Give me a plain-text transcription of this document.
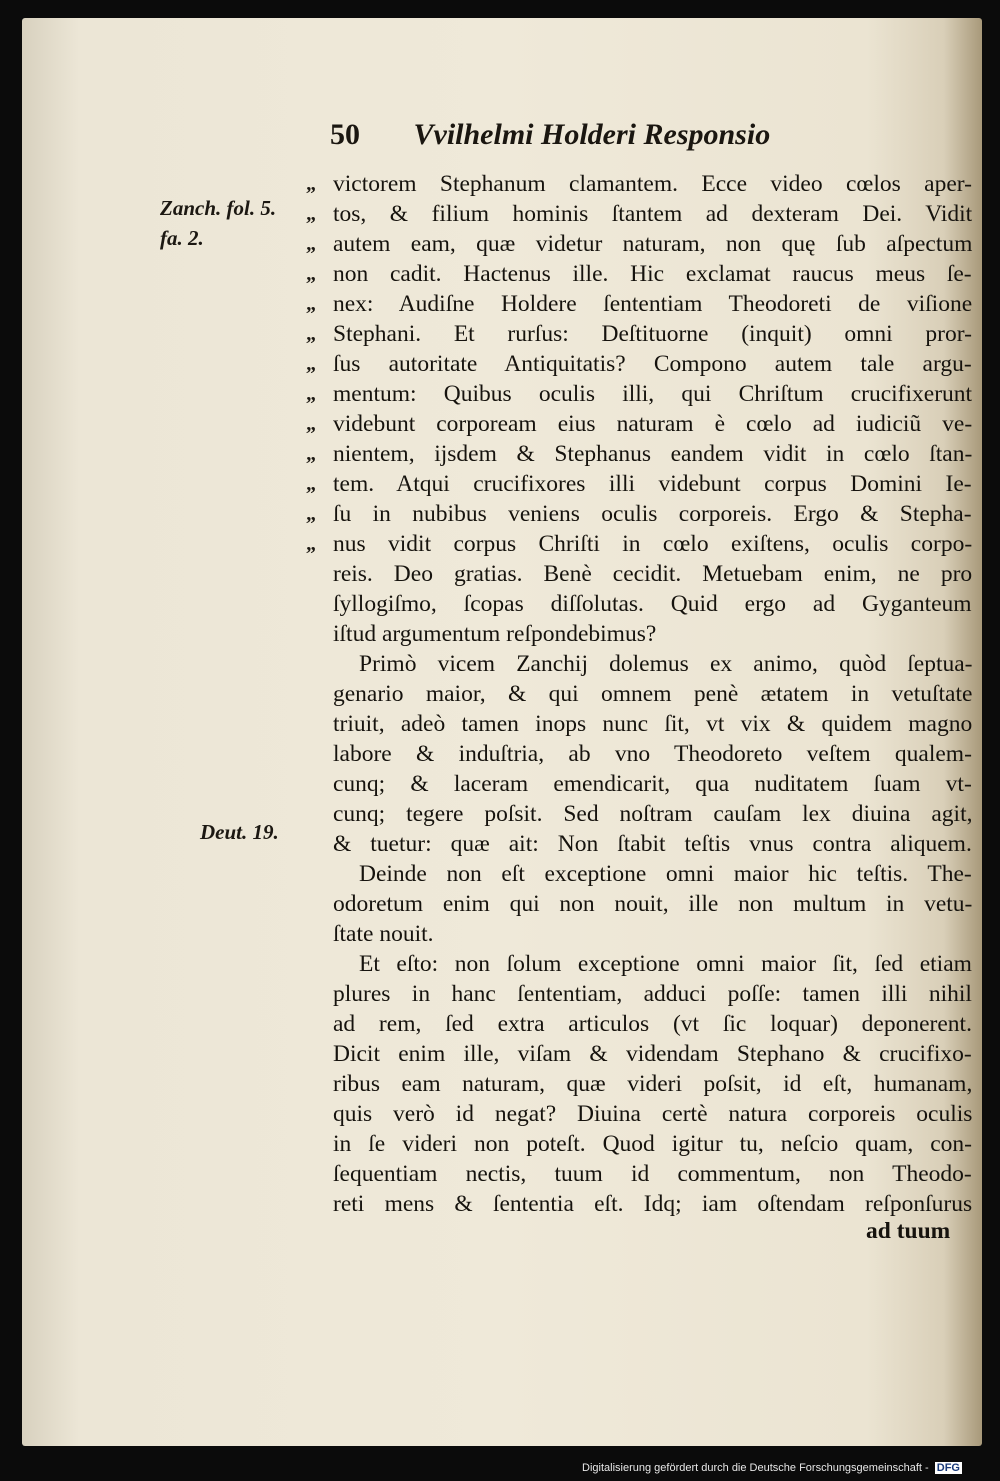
50 Vvilhelmi Holderi Responsio
Zanch. fol. 5.
fa. 2.
Deut. 19.
victorem Stephanum clamantem. Ecce video cœlos aper-
„
tos, & filium hominis ſtantem ad dexteram Dei. Vidit
„
autem eam, quæ videtur naturam, non quę ſub aſpectum
„
non cadit. Hactenus ille. Hic exclamat raucus meus ſe-
„
nex: Audiſne Holdere ſententiam Theodoreti de viſione
„
Stephani. Et rurſus: Deſtituorne (inquit) omni pror-
„
ſus autoritate Antiquitatis? Compono autem tale argu-
„
mentum: Quibus oculis illi, qui Chriſtum crucifixerunt
„
videbunt corpoream eius naturam è cœlo ad iudiciũ ve-
„
nientem, ijsdem & Stephanus eandem vidit in cœlo ſtan-
„
tem. Atqui crucifixores illi videbunt corpus Domini Ie-
„
ſu in nubibus veniens oculis corporeis. Ergo & Stepha-
„
nus vidit corpus Chriſti in cœlo exiſtens, oculis corpo-
„
reis. Deo gratias. Benè cecidit. Metuebam enim, ne pro
ſyllogiſmo, ſcopas diſſolutas. Quid ergo ad Gyganteum
iſtud argumentum reſpondebimus?
Primò vicem Zanchij dolemus ex animo, quòd ſeptua-
genario maior, & qui omnem penè ætatem in vetuſtate
triuit, adeò tamen inops nunc ſit, vt vix & quidem magno
labore & induſtria, ab vno Theodoreto veſtem qualem-
cunq; & laceram emendicarit, qua nuditatem ſuam vt-
cunq; tegere poſsit. Sed noſtram cauſam lex diuina agit,
& tuetur: quæ ait: Non ſtabit teſtis vnus contra aliquem.
Deinde non eſt exceptione omni maior hic teſtis. The-
odoretum enim qui non nouit, ille non multum in vetu-
ſtate nouit.
Et eſto: non ſolum exceptione omni maior ſit, ſed etiam
plures in hanc ſententiam, adduci poſſe: tamen illi nihil
ad rem, ſed extra articulos (vt ſic loquar) deponerent.
Dicit enim ille, viſam & videndam Stephano & crucifixo-
ribus eam naturam, quæ videri poſsit, id eſt, humanam,
quis verò id negat? Diuina certè natura corporeis oculis
in ſe videri non poteſt. Quod igitur tu, neſcio quam, con-
ſequentiam nectis, tuum id commentum, non Theodo-
reti mens & ſententia eſt. Idq; iam oſtendam reſponſurus
ad tuum
Digitalisierung gefördert durch die Deutsche Forschungsgemeinschaft - DFG
